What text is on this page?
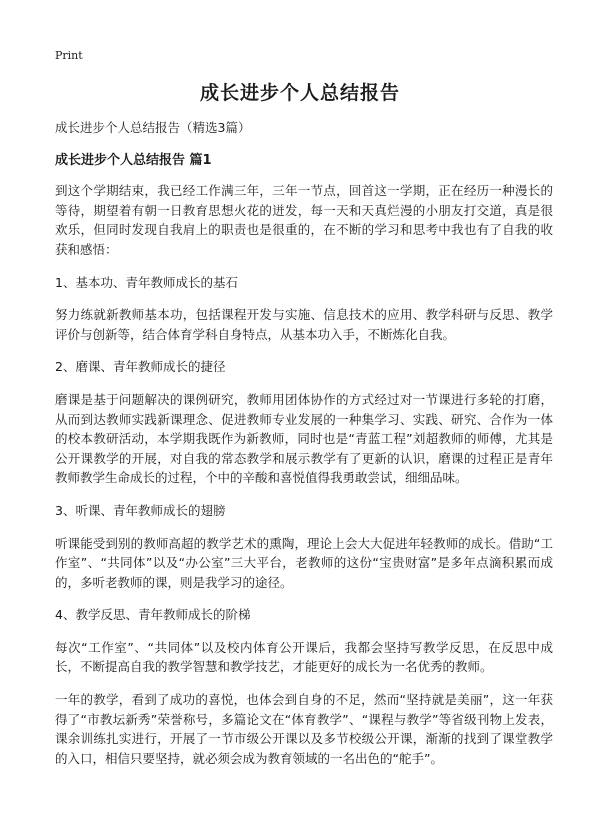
Print
成长进步个人总结报告

成长进步个人总结报告（精选3篇）

成长进步个人总结报告 篇1

到这个学期结束，我已经工作满三年，三年一节点，回首这一学期，正在经历一种漫长的等待，期望着有朝一日教育思想火花的迸发，每一天和天真烂漫的小朋友打交道，真是很欢乐，但同时发现自我肩上的职责也是很重的，在不断的学习和思考中我也有了自我的收获和感悟：

1、基本功、青年教师成长的基石

努力练就新教师基本功，包括课程开发与实施、信息技术的应用、教学科研与反思、教学评价与创新等，结合体育学科自身特点，从基本功入手，不断炼化自我。

2、磨课、青年教师成长的捷径

磨课是基于问题解决的课例研究，教师用团体协作的方式经过对一节课进行多轮的打磨，从而到达教师实践新课理念、促进教师专业发展的一种集学习、实践、研究、合作为一体的校本教研活动，本学期我既作为新教师，同时也是“青蓝工程”刘超教师的师傅，尤其是公开课教学的开展，对自我的常态教学和展示教学有了更新的认识，磨课的过程正是青年教师教学生命成长的过程，个中的辛酸和喜悦值得我勇敢尝试，细细品味。

3、听课、青年教师成长的翅膀

听课能受到别的教师高超的教学艺术的熏陶，理论上会大大促进年轻教师的成长。借助“工作室”、“共同体”以及“办公室”三大平台，老教师的这份“宝贵财富”是多年点滴积累而成的，多听老教师的课，则是我学习的途径。

4、教学反思、青年教师成长的阶梯

每次“工作室”、“共同体”以及校内体育公开课后，我都会坚持写教学反思，在反思中成长，不断提高自我的教学智慧和教学技艺，才能更好的成长为一名优秀的教师。

一年的教学，看到了成功的喜悦，也体会到自身的不足，然而“坚持就是美丽”，这一年获得了“市教坛新秀”荣誉称号，多篇论文在“体育教学”、“课程与教学”等省级刊物上发表，课余训练扎实进行，开展了一节市级公开课以及多节校级公开课，渐渐的找到了课堂教学的入口，相信只要坚持，就必须会成为教育领域的一名出色的“舵手”。
